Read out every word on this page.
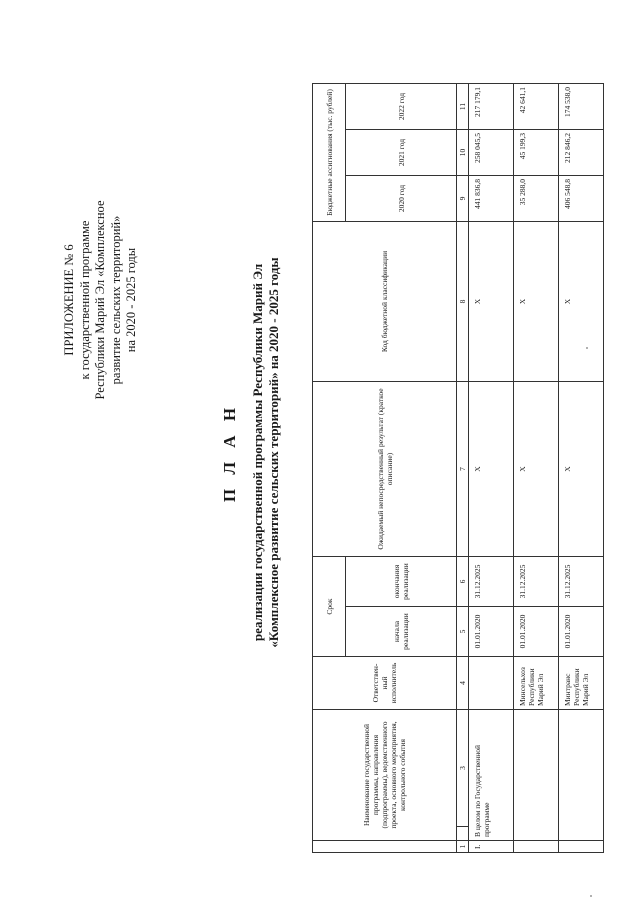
ПРИЛОЖЕНИЕ № 6 к государственной программе Республики Марий Эл «Комплексное развитие сельских территорий» на 2020 - 2025 годы
П Л А Н реализации государственной программы Республики Марий Эл «Комплексное развитие сельских территорий» на 2020 - 2025 годы
	Наименование государственной программы, направления (подпрограммы), ведомственного проекта, основного мероприятия, контрольного события		Ответствен-ный исполнитель	Срок		Ожидаемый непосредственный результат (краткое описание)	Код бюджетной классификации	Бюджетные ассигнования (тыс. рублей)		
				начала реализации	окончания реализации			2020 год	2021 год	2022 год
1		3	4	5	6	7	8	9	10	11
I.	В целом по Государственной программе			01.01.2020	31.12.2025	Х	Х	441 836,8	258 045,5	217 179,1
			Минсельхоз Республики Марий Эл	01.01.2020	31.12.2025	Х	Х	35 288,0	45 199,3	42 641,1
			Минтранс Республики Марий Эл	01.01.2020	31.12.2025	Х	Х	406 548,8	212 846,2	174 538,0
